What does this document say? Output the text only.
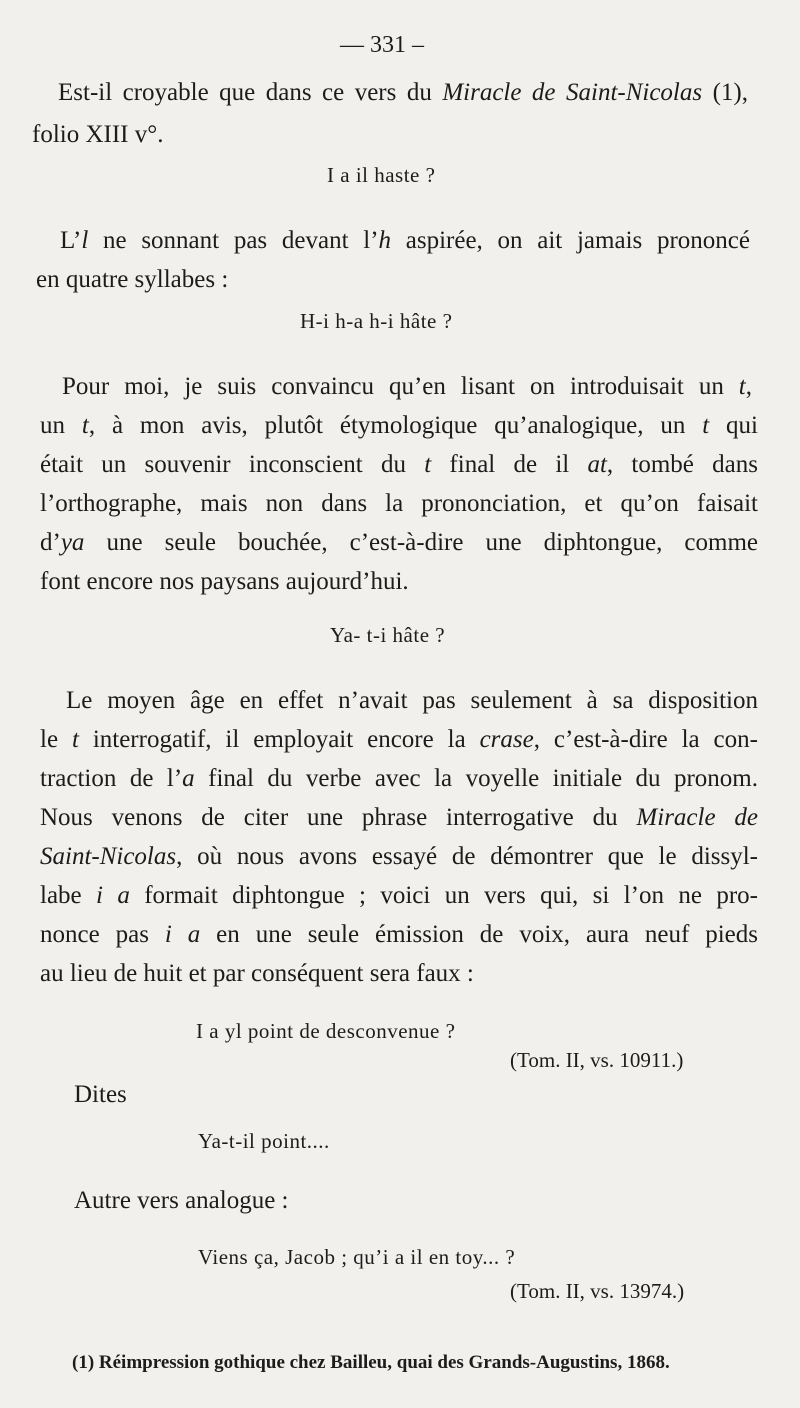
— 331 –
Est-il croyable que dans ce vers du Miracle de Saint-Nicolas (1),
folio XIII v°.
I a il haste ?
L’l ne sonnant pas devant l’h aspirée, on ait jamais prononcé
en quatre syllabes :
H-i h-a h-i hâte ?
Pour moi, je suis convaincu qu’en lisant on introduisait un t,
un t, à mon avis, plutôt étymologique qu’analogique, un t qui
était un souvenir inconscient du t final de il at, tombé dans
l’orthographe, mais non dans la prononciation, et qu’on faisait
d’ya une seule bouchée, c’est-à-dire une diphtongue, comme
font encore nos paysans aujourd’hui.
Ya- t-i hâte ?
Le moyen âge en effet n’avait pas seulement à sa disposition
le t interrogatif, il employait encore la crase, c’est-à-dire la con-
traction de l’a final du verbe avec la voyelle initiale du pronom.
Nous venons de citer une phrase interrogative du Miracle de
Saint-Nicolas, où nous avons essayé de démontrer que le dissyl-
labe i a formait diphtongue ; voici un vers qui, si l’on ne pro-
nonce pas i a en une seule émission de voix, aura neuf pieds
au lieu de huit et par conséquent sera faux :
I a yl point de desconvenue ?
(Tom. II, vs. 10911.)
Dites
Ya-t-il point....
Autre vers analogue :
Viens ça, Jacob ; qu’i a il en toy... ?
(Tom. II, vs. 13974.)
(1) Réimpression gothique chez Bailleu, quai des Grands-Augustins, 1868.
